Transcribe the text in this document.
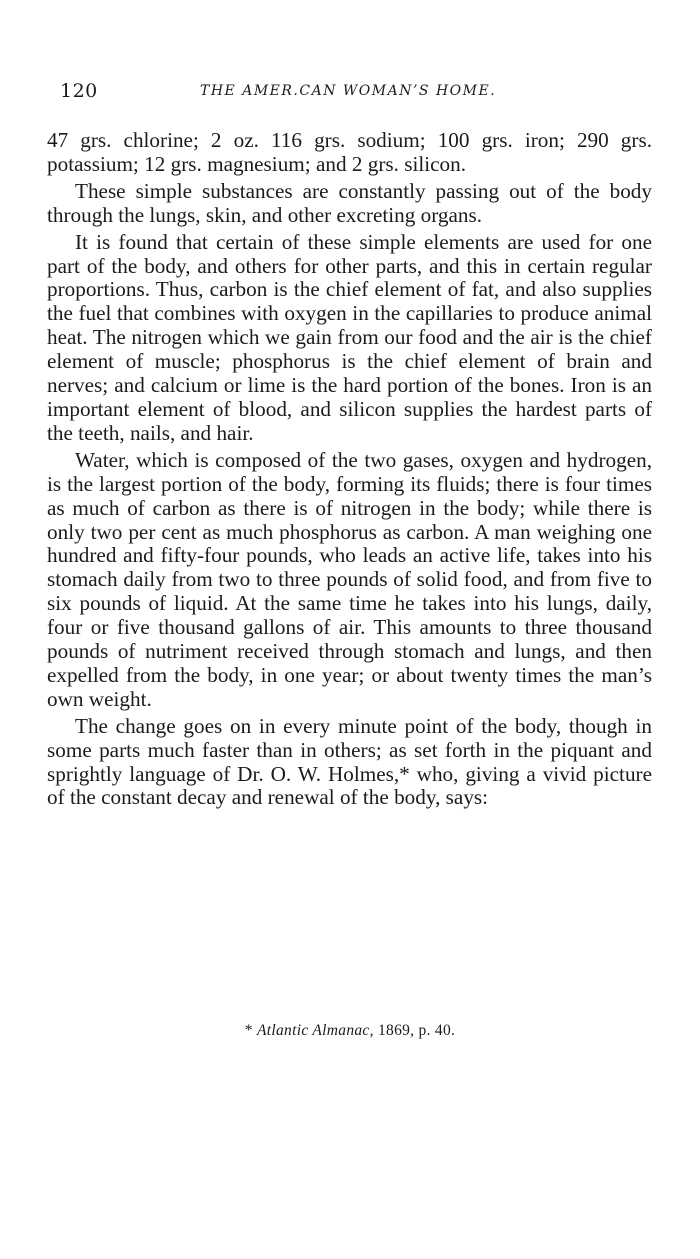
120	THE AMER.CAN WOMAN’S HOME.

47 grs. chlorine; 2 oz. 116 grs. sodium; 100 grs. iron; 290 grs. potassium; 12 grs. magnesium; and 2 grs. silicon.

These simple substances are constantly passing out of the body through the lungs, skin, and other excreting organs.

It is found that certain of these simple elements are used for one part of the body, and others for other parts, and this in certain regular proportions. Thus, carbon is the chief element of fat, and also supplies the fuel that combines with oxygen in the capillaries to produce animal heat. The nitrogen which we gain from our food and the air is the chief element of muscle; phosphorus is the chief element of brain and nerves; and calcium or lime is the hard portion of the bones. Iron is an important element of blood, and silicon supplies the hardest parts of the teeth, nails, and hair.

Water, which is composed of the two gases, oxygen and hydrogen, is the largest portion of the body, forming its fluids; there is four times as much of carbon as there is of nitrogen in the body; while there is only two per cent as much phosphorus as carbon. A man weighing one hundred and fifty-four pounds, who leads an active life, takes into his stomach daily from two to three pounds of solid food, and from five to six pounds of liquid. At the same time he takes into his lungs, daily, four or five thousand gallons of air. This amounts to three thousand pounds of nutriment received through stomach and lungs, and then expelled from the body, in one year; or about twenty times the man’s own weight.

The change goes on in every minute point of the body, though in some parts much faster than in others; as set forth in the piquant and sprightly language of Dr. O. W. Holmes,* who, giving a vivid picture of the constant decay and renewal of the body, says:

* Atlantic Almanac, 1869, p. 40.
